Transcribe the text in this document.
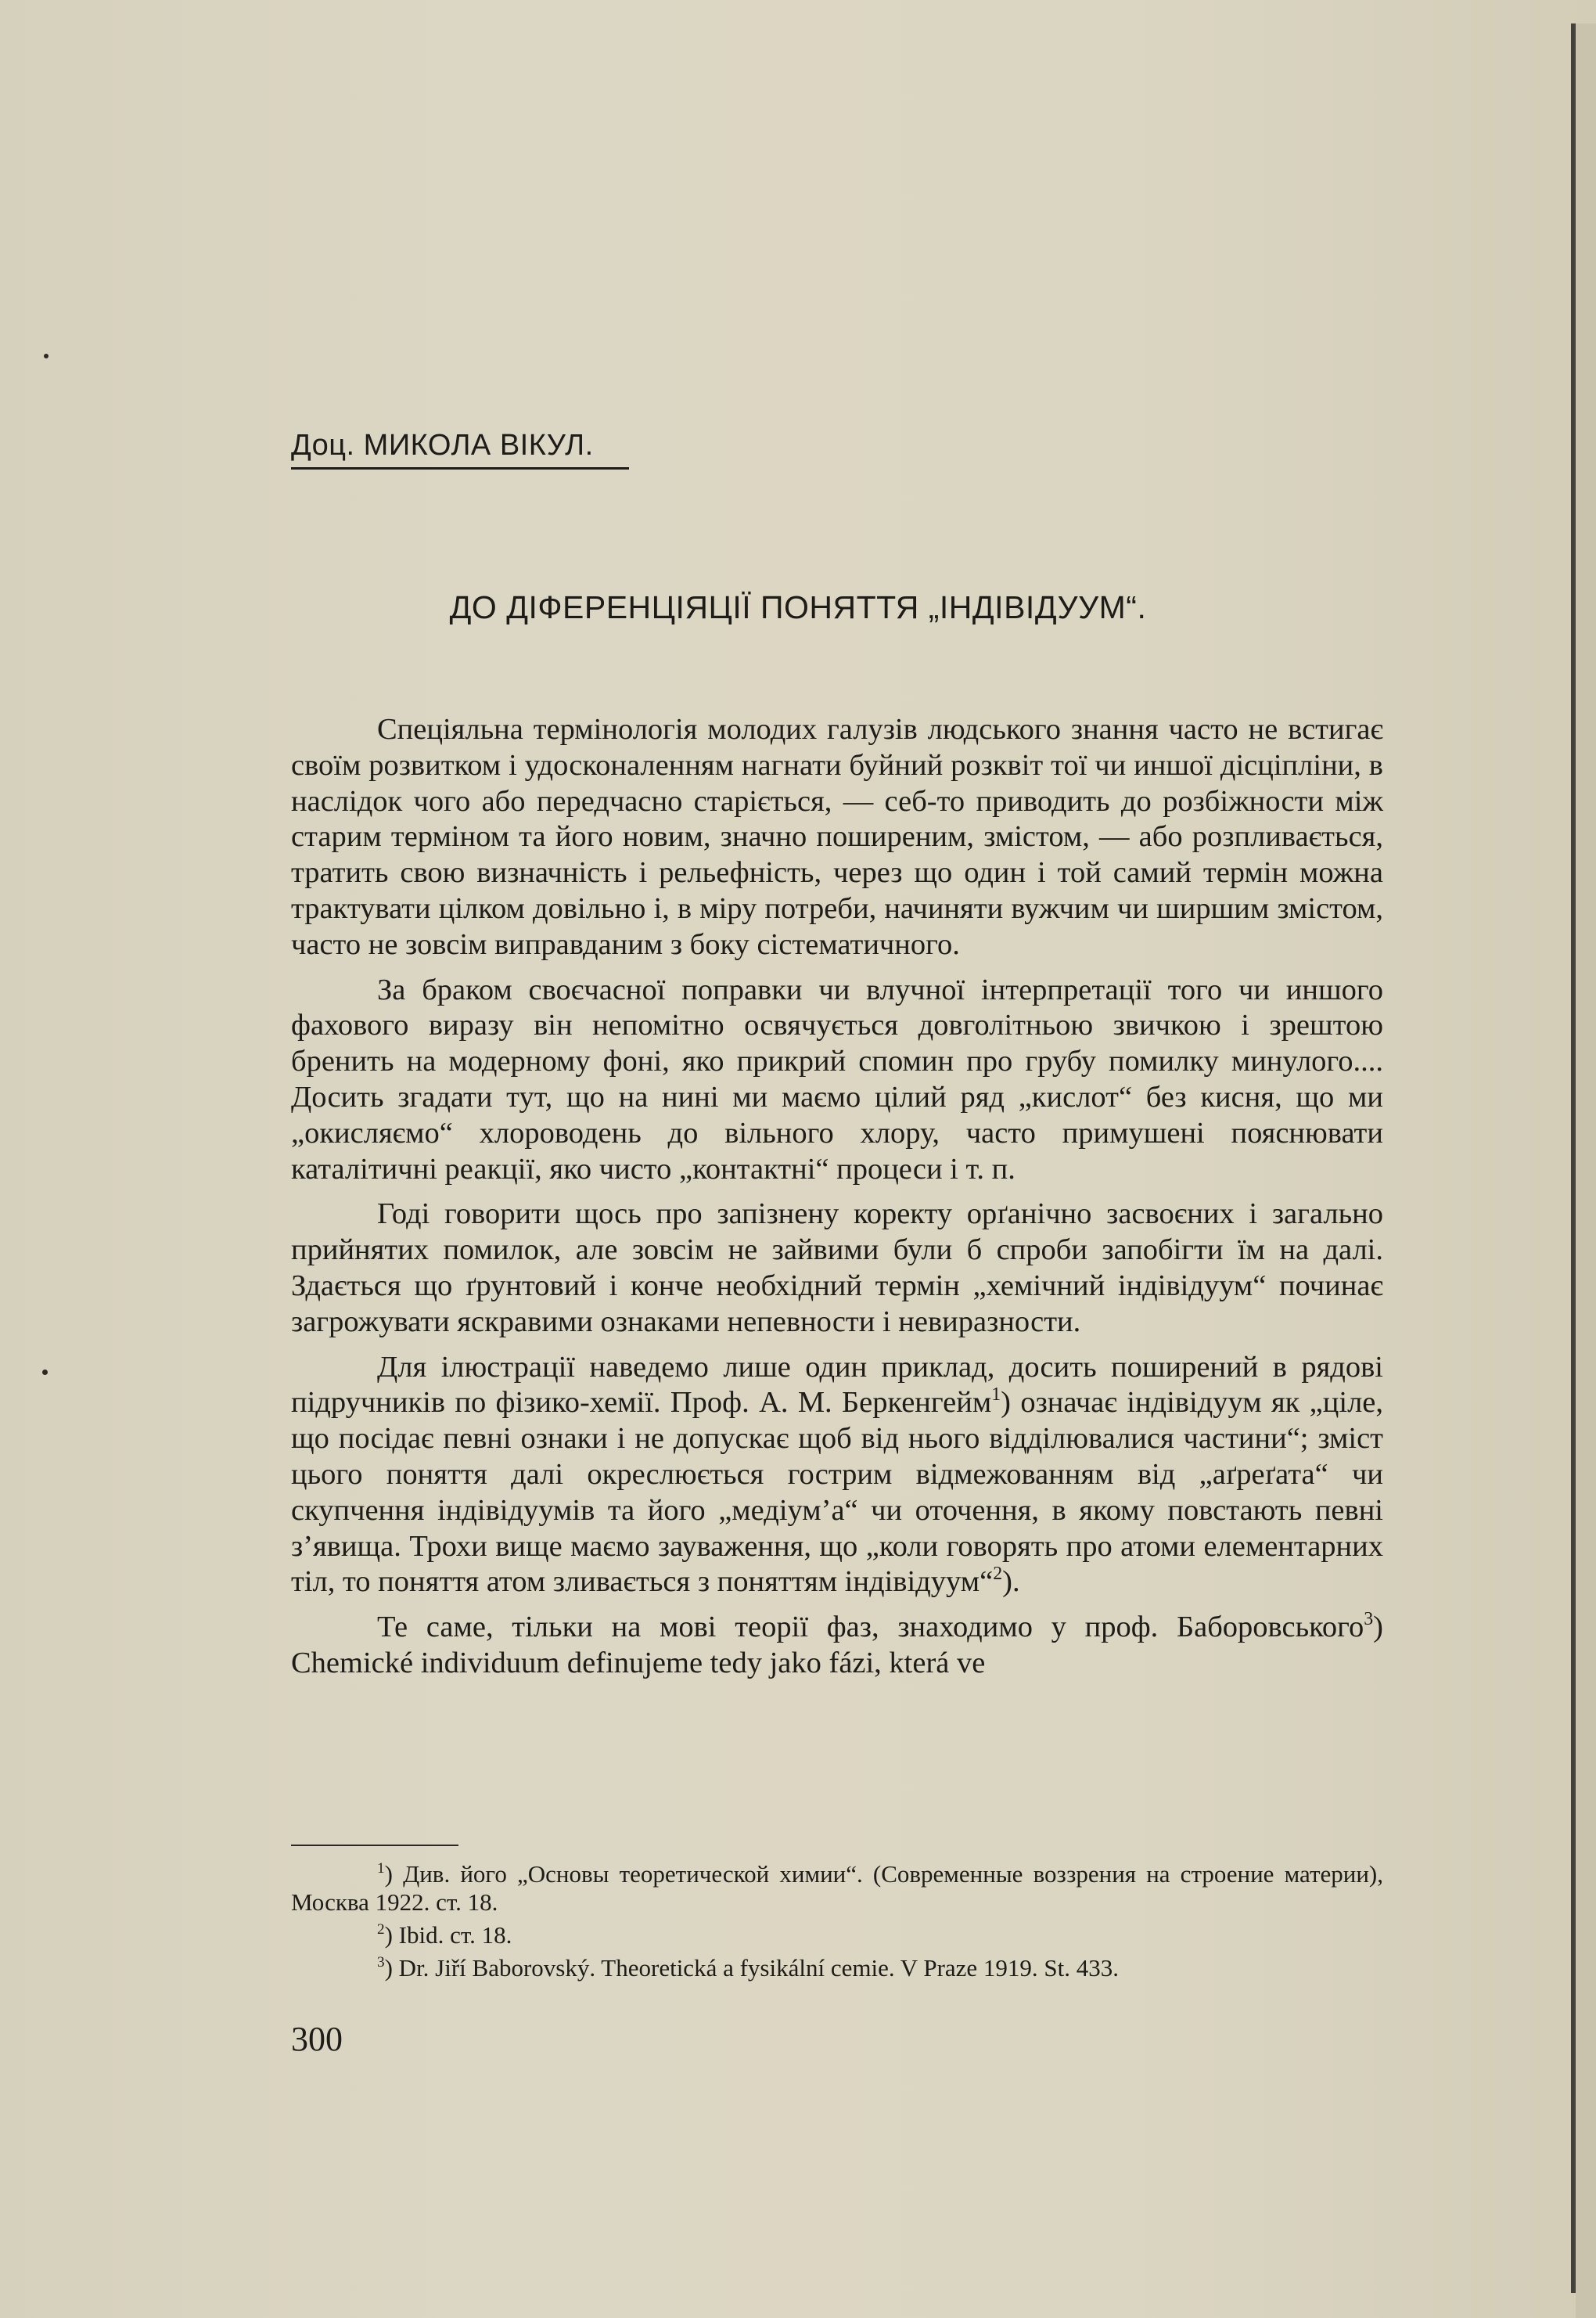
Доц. МИКОЛА ВІКУЛ.
ДО ДІФЕРЕНЦІЯЦІЇ ПОНЯТТЯ „ІНДІВІДУУМ“.

Спеціяльна термінологія молодих галузів людського знання часто не встигає своїм розвитком і удосконаленням нагнати буйний розквіт тої чи иншої дісціпліни, в наслідок чого або передчасно старіється, — себ-то приводить до розбіжности між старим терміном та його новим, значно поширеним, змістом, — або розпливається, тратить свою визначність і рельефність, через що один і той самий термін можна трактувати цілком довільно і, в міру потреби, начиняти вужчим чи ширшим змістом, часто не зовсім виправданим з боку сістематичного.

За браком своєчасної поправки чи влучної інтерпретації того чи иншого фахового виразу він непомітно освячується довголітньою звичкою і зрештою бренить на модерному фоні, яко прикрий спомин про грубу помилку минулого.... Досить згадати тут, що на нині ми маємо цілий ряд „кислот“ без кисня, що ми „окисляємо“ хлороводень до вільного хлору, часто примушені пояснювати каталітичні реакції, яко чисто „контактні“ процеси і т. п.

Годі говорити щось про запізнену коректу орґанічно засвоєних і загально прийнятих помилок, але зовсім не зайвими були б спроби запобігти їм на далі. Здається що ґрунтовий і конче необхідний термін „хемічний індівідуум“ починає загрожувати яскравими ознаками непевности і невиразности.

Для ілюстрації наведемо лише один приклад, досить поширений в рядові підручників по фізико-хемії. Проф. А. М. Беркенгейм$^1$) означає індівідуум як „ціле, що посідає певні ознаки і не допускає щоб від нього відділювалися частини“; зміст цього поняття далі окреслюється гострим відмежованням від „аґреґата“ чи скупчення індівідуумів та його „медіум’а“ чи оточення, в якому повстають певні з’явища. Трохи вище маємо зауваження, що „коли говорять про атоми елементарних тіл, то поняття атом зливається з поняттям індівідуум“$^2$).

Те саме, тільки на мові теорії фаз, знаходимо у проф. Баборовського$^3$) Chemické individuum definujeme tedy jako fázi, která ve

$^1$) Див. його „Основы теоретической химии“. (Современные воззрения на строение материи), Москва 1922. ст. 18.

$^2$) Ibid. ст. 18.

$^3$) Dr. Jiří Baborovský. Theoretická a fysikální cemie. V Praze 1919. St. 433.

300
